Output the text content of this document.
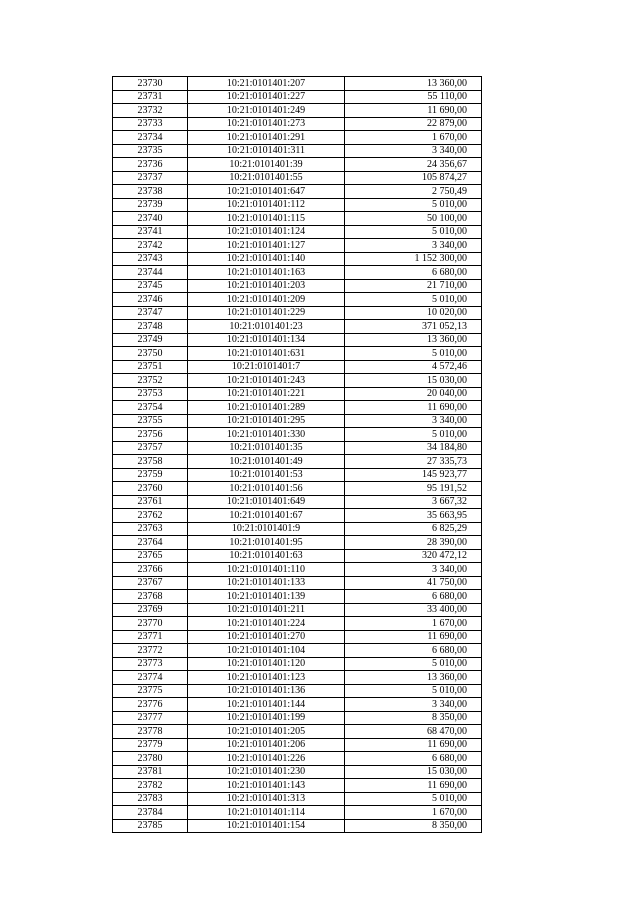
23730	10:21:0101401:207	13 360,00
23731	10:21:0101401:227	55 110,00
23732	10:21:0101401:249	11 690,00
23733	10:21:0101401:273	22 879,00
23734	10:21:0101401:291	1 670,00
23735	10:21:0101401:311	3 340,00
23736	10:21:0101401:39	24 356,67
23737	10:21:0101401:55	105 874,27
23738	10:21:0101401:647	2 750,49
23739	10:21:0101401:112	5 010,00
23740	10:21:0101401:115	50 100,00
23741	10:21:0101401:124	5 010,00
23742	10:21:0101401:127	3 340,00
23743	10:21:0101401:140	1 152 300,00
23744	10:21:0101401:163	6 680,00
23745	10:21:0101401:203	21 710,00
23746	10:21:0101401:209	5 010,00
23747	10:21:0101401:229	10 020,00
23748	10:21:0101401:23	371 052,13
23749	10:21:0101401:134	13 360,00
23750	10:21:0101401:631	5 010,00
23751	10:21:0101401:7	4 572,46
23752	10:21:0101401:243	15 030,00
23753	10:21:0101401:221	20 040,00
23754	10:21:0101401:289	11 690,00
23755	10:21:0101401:295	3 340,00
23756	10:21:0101401:330	5 010,00
23757	10:21:0101401:35	34 184,80
23758	10:21:0101401:49	27 335,73
23759	10:21:0101401:53	145 923,77
23760	10:21:0101401:56	95 191,52
23761	10:21:0101401:649	3 667,32
23762	10:21:0101401:67	35 663,95
23763	10:21:0101401:9	6 825,29
23764	10:21:0101401:95	28 390,00
23765	10:21:0101401:63	320 472,12
23766	10:21:0101401:110	3 340,00
23767	10:21:0101401:133	41 750,00
23768	10:21:0101401:139	6 680,00
23769	10:21:0101401:211	33 400,00
23770	10:21:0101401:224	1 670,00
23771	10:21:0101401:270	11 690,00
23772	10:21:0101401:104	6 680,00
23773	10:21:0101401:120	5 010,00
23774	10:21:0101401:123	13 360,00
23775	10:21:0101401:136	5 010,00
23776	10:21:0101401:144	3 340,00
23777	10:21:0101401:199	8 350,00
23778	10:21:0101401:205	68 470,00
23779	10:21:0101401:206	11 690,00
23780	10:21:0101401:226	6 680,00
23781	10:21:0101401:230	15 030,00
23782	10:21:0101401:143	11 690,00
23783	10:21:0101401:313	5 010,00
23784	10:21:0101401:114	1 670,00
23785	10:21:0101401:154	8 350,00
